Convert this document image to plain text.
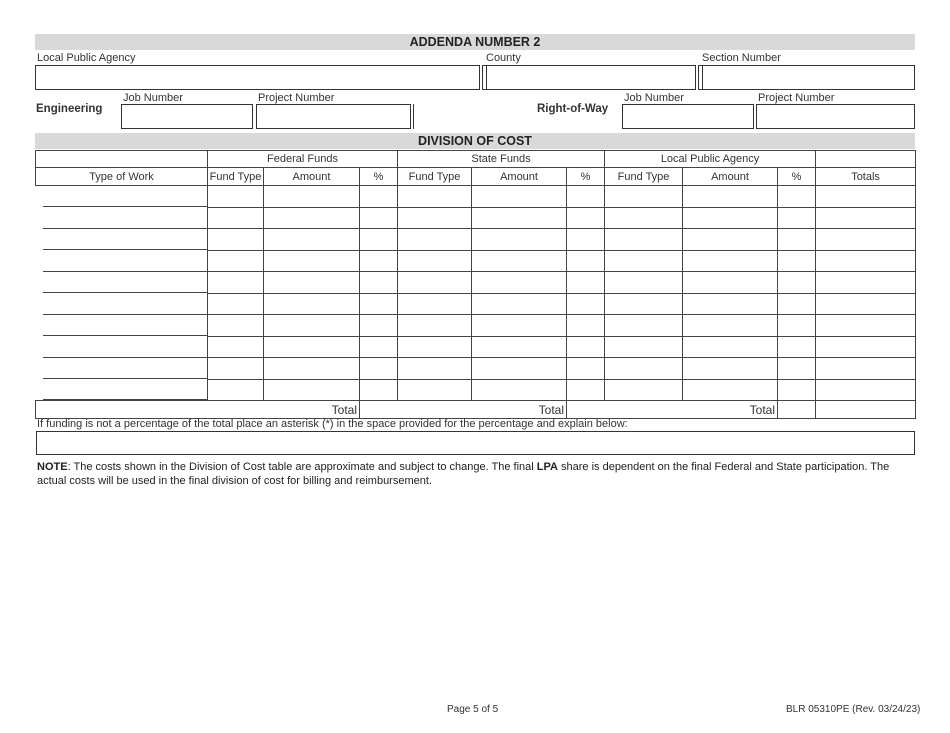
ADDENDA NUMBER 2
Local Public Agency	County	Section Number
Job Number	Project Number
Engineering
Job Number	Project Number
Right-of-Way
DIVISION OF COST
	Federal Funds			State Funds			Local Public Agency			
Type of Work	Fund Type	Amount	%	Fund Type	Amount	%	Fund Type	Amount	%	Totals

Total			Total			Total				
If funding is not a percentage of the total place an asterisk (*) in the space provided for the percentage and explain below:
NOTE: The costs shown in the Division of Cost table are approximate and subject to change. The final LPA share is dependent on the final Federal and State participation. The actual costs will be used in the final division of cost for billing and reimbursement.
Page 5 of 5	BLR 05310PE (Rev. 03/24/23)
